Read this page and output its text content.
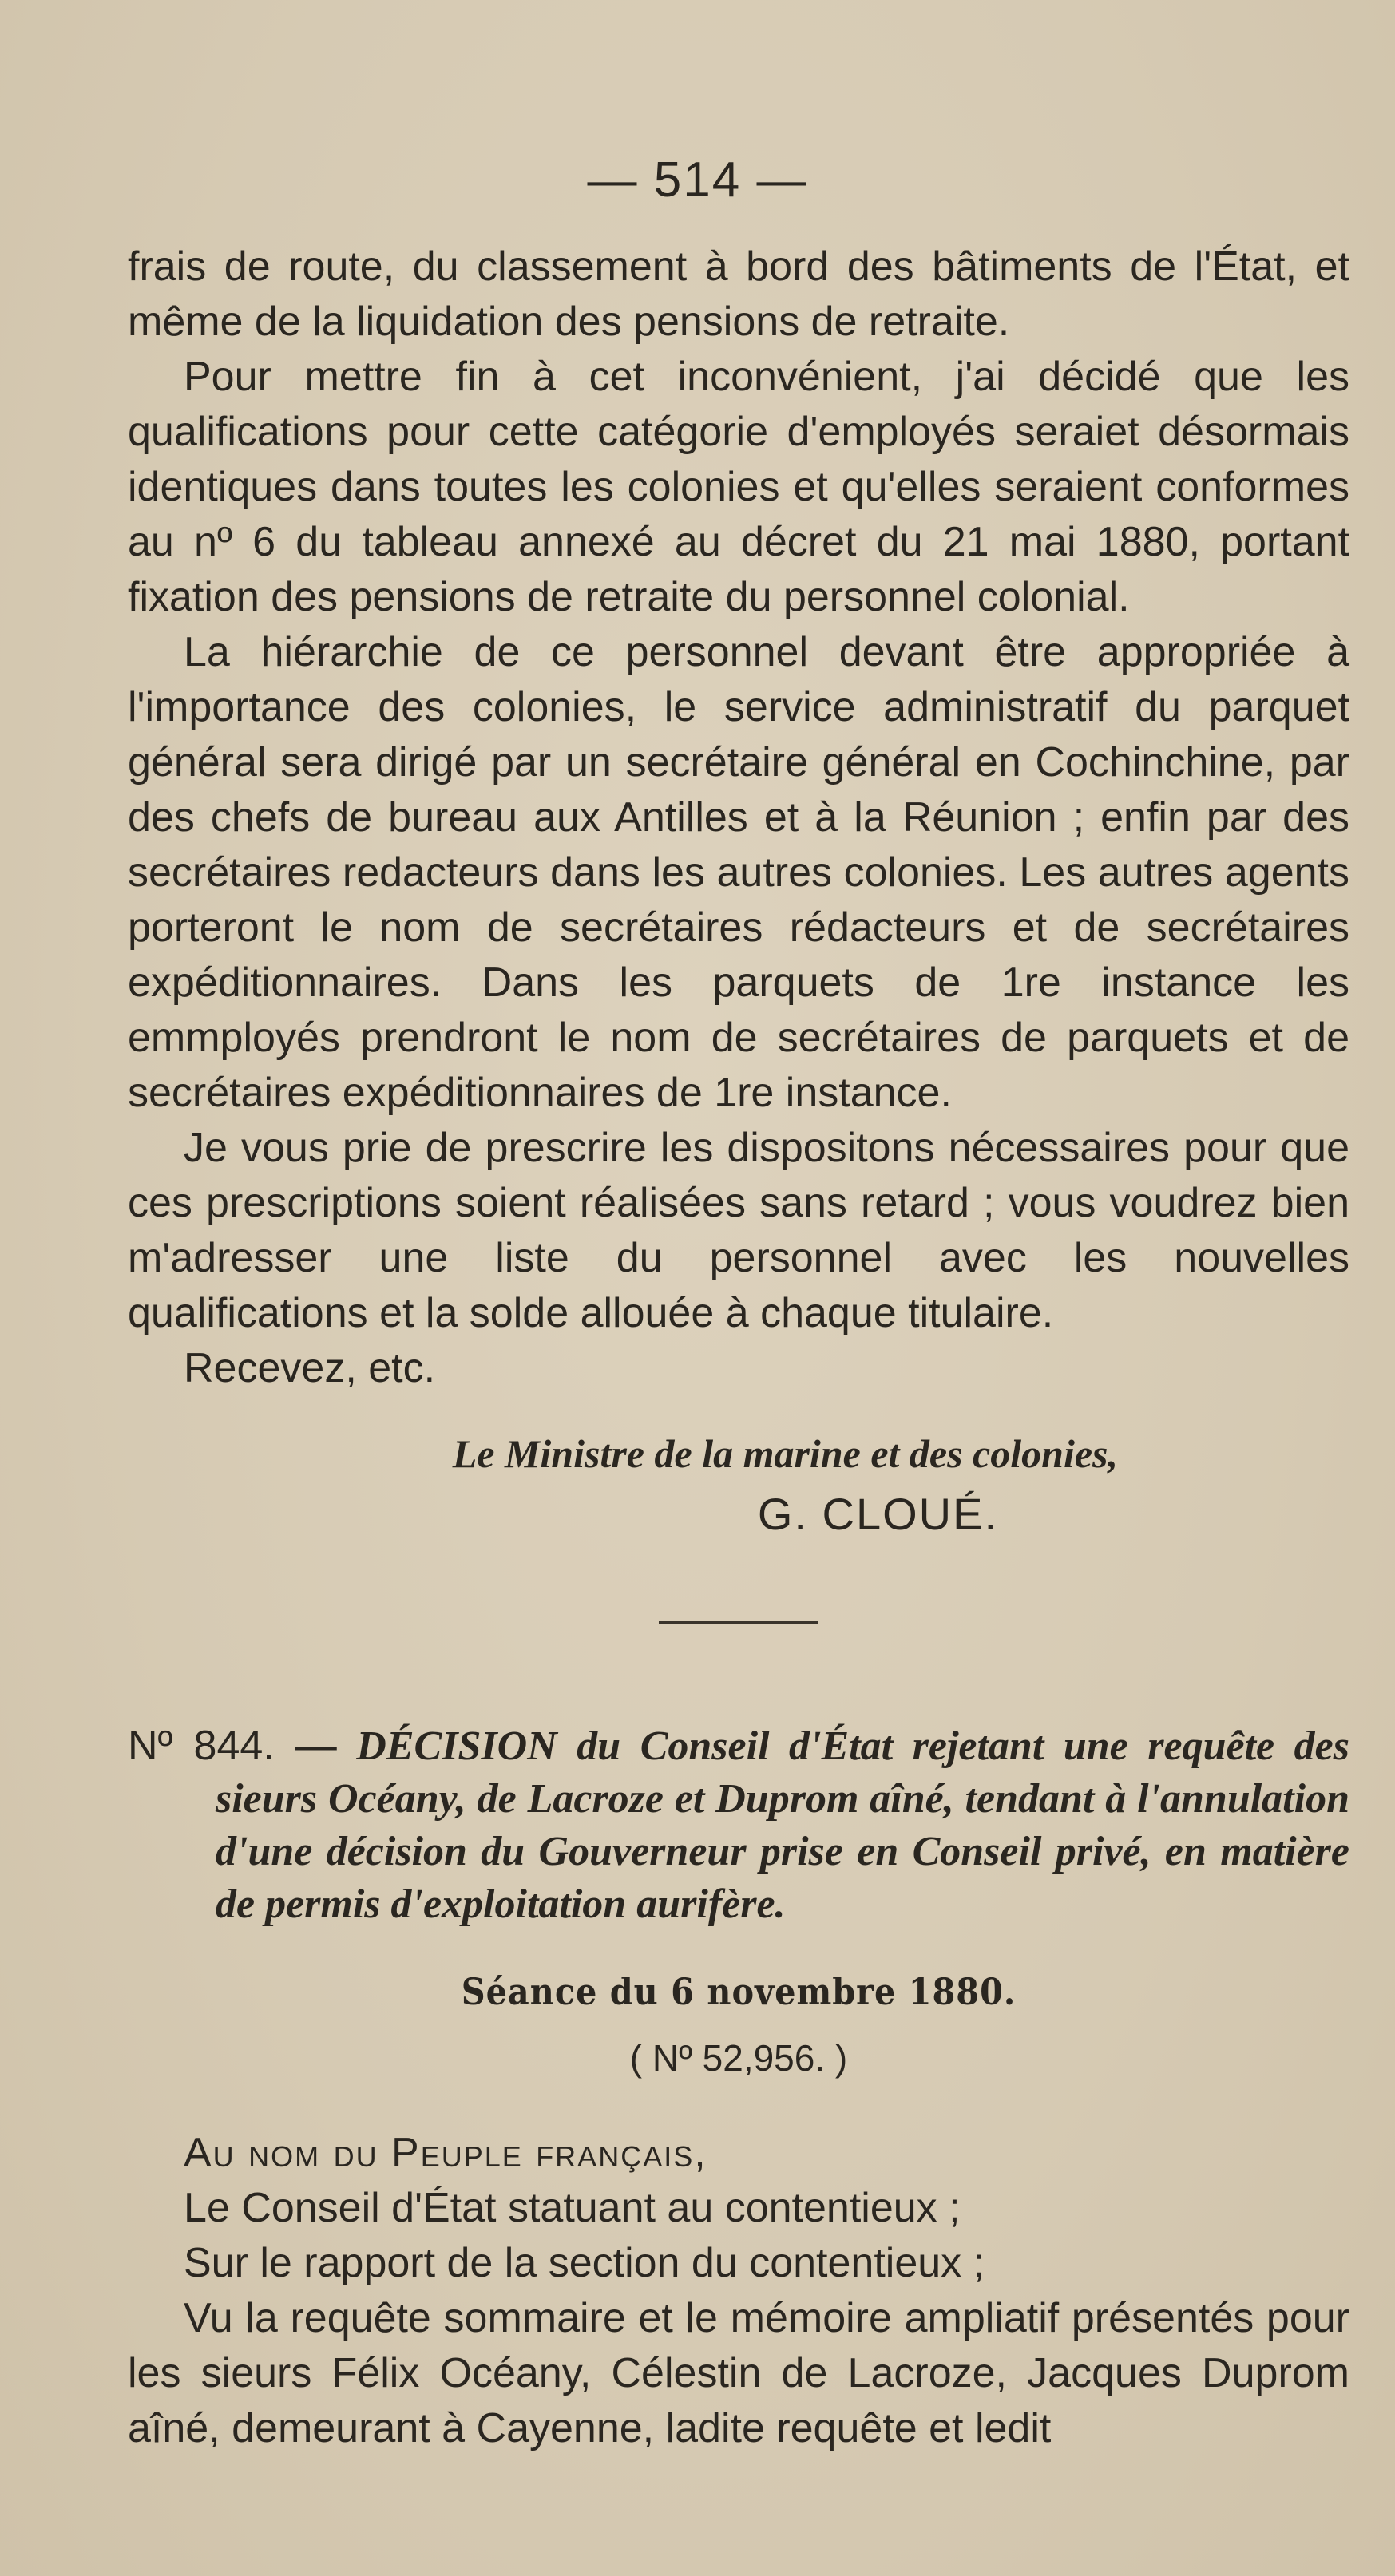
— 514 —

frais de route, du classement à bord des bâtiments de l'État, et même de la liquidation des pensions de retraite.

Pour mettre fin à cet inconvénient, j'ai décidé que les qualifications pour cette catégorie d'employés seraiet désormais identiques dans toutes les colonies et qu'elles seraient conformes au nº 6 du tableau annexé au décret du 21 mai 1880, portant fixation des pensions de retraite du personnel colonial.

La hiérarchie de ce personnel devant être appropriée à l'importance des colonies, le service administratif du parquet général sera dirigé par un secrétaire général en Cochinchine, par des chefs de bureau aux Antilles et à la Réunion ; enfin par des secrétaires redacteurs dans les autres colonies. Les autres agents porteront le nom de secrétaires rédacteurs et de secrétaires expéditionnaires. Dans les parquets de 1re instance les emmployés prendront le nom de secrétaires de parquets et de secrétaires expéditionnaires de 1re instance.

Je vous prie de prescrire les dispositons nécessaires pour que ces prescriptions soient réalisées sans retard ; vous voudrez bien m'adresser une liste du personnel avec les nouvelles qualifications et la solde allouée à chaque titulaire.

Recevez, etc.

Le Ministre de la marine et des colonies,
G. CLOUÉ.
Nº 844. — DÉCISION du Conseil d'État rejetant une requête des sieurs Océany, de Lacroze et Duprom aîné, tendant à l'annulation d'une décision du Gouverneur prise en Conseil privé, en matière de permis d'exploitation aurifère.
Séance du 6 novembre 1880.
( Nº 52,956. )
Au nom du Peuple français,

Le Conseil d'État statuant au contentieux ;

Sur le rapport de la section du contentieux ;

Vu la requête sommaire et le mémoire ampliatif présentés pour les sieurs Félix Océany, Célestin de Lacroze, Jacques Duprom aîné, demeurant à Cayenne, ladite requête et ledit
